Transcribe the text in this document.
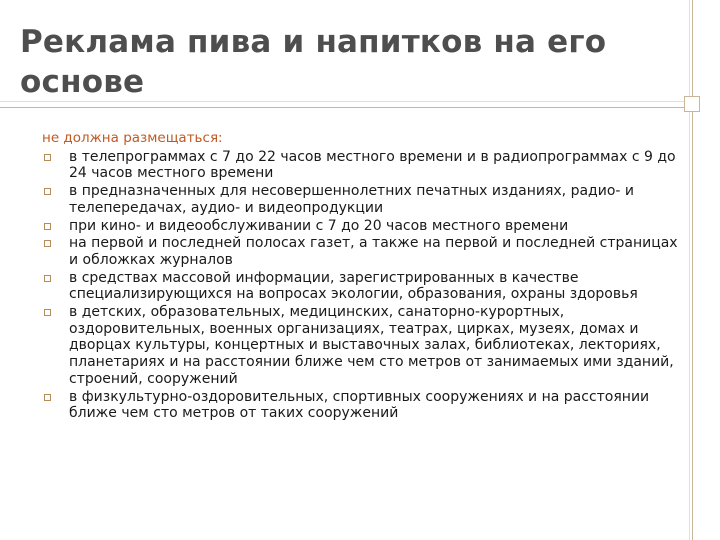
Реклама пива и напитков на его основе

не должна размещаться:

в телепрограммах с 7 до 22 часов местного времени и в радиопрограммах с 9 до 24 часов местного времени
в предназначенных для несовершеннолетних печатных изданиях, радио- и телепередачах, аудио- и видеопродукции
при кино- и видеообслуживании с 7 до 20 часов местного времени
на первой и последней полосах газет, а также на первой и последней страницах и обложках журналов
в средствах массовой информации, зарегистрированных в качестве специализирующихся на вопросах экологии, образования, охраны здоровья
в детских, образовательных, медицинских, санаторно-курортных, оздоровительных, военных организациях, театрах, цирках, музеях, домах и дворцах культуры, концертных и выставочных залах, библиотеках, лекториях, планетариях и на расстоянии ближе чем сто метров от занимаемых ими зданий, строений, сооружений
в физкультурно-оздоровительных, спортивных сооружениях и на расстоянии ближе чем сто метров от таких сооружений
